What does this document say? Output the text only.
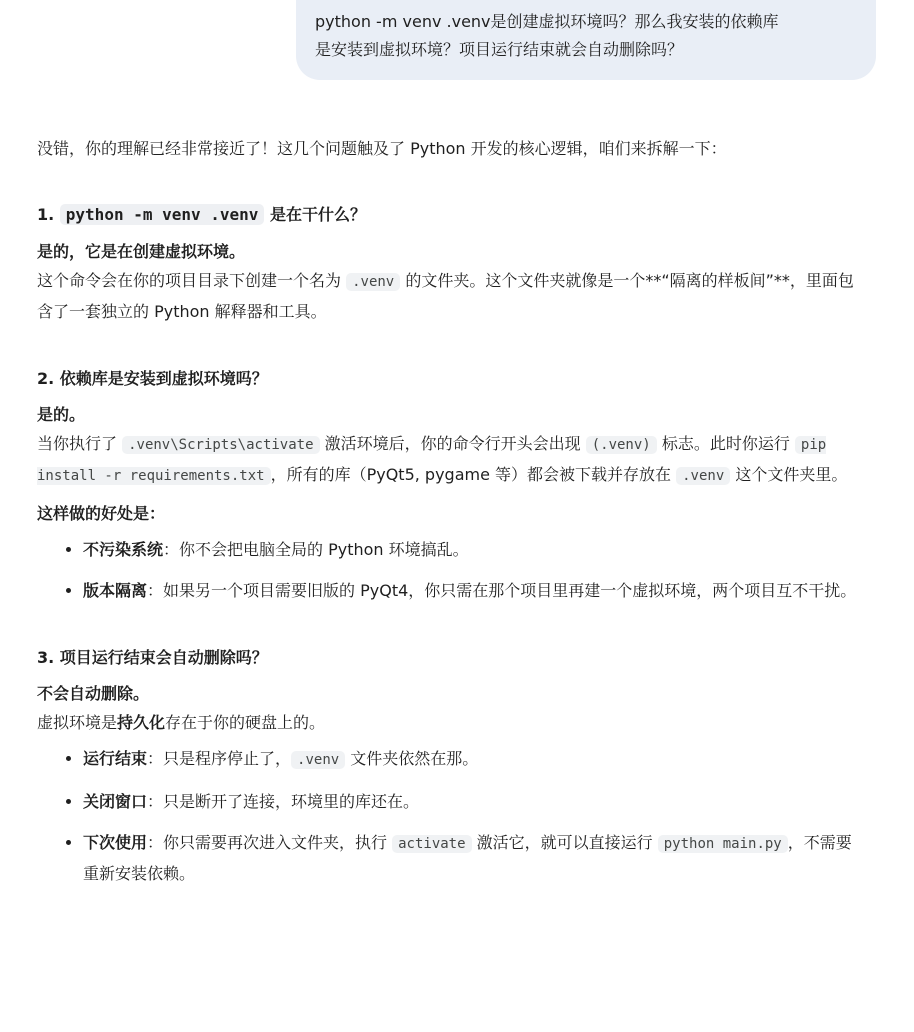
python -m venv .venv是创建虚拟环境吗？那么我安装的依赖库
是安装到虚拟环境？项目运行结束就会自动删除吗？

没错，你的理解已经非常接近了！这几个问题触及了 Python 开发的核心逻辑，咱们来拆解一下：

1. python -m venv .venv 是在干什么？

是的，它是在创建虚拟环境。

这个命令会在你的项目目录下创建一个名为 .venv 的文件夹。这个文件夹就像是一个**“隔离的样板间”**，里面包含了一套独立的 Python 解释器和工具。

2. 依赖库是安装到虚拟环境吗？

是的。

当你执行了 .venv\Scripts\activate 激活环境后，你的命令行开头会出现 (.venv) 标志。此时你运行 pip install -r requirements.txt ，所有的库（PyQt5, pygame 等）都会被下载并存放在 .venv 这个文件夹里。

这样做的好处是：

• 不污染系统：你不会把电脑全局的 Python 环境搞乱。
• 版本隔离：如果另一个项目需要旧版的 PyQt4，你只需在那个项目里再建一个虚拟环境，两个项目互不干扰。
3. 项目运行结束会自动删除吗？

不会自动删除。

虚拟环境是持久化存在于你的硬盘上的。

• 运行结束：只是程序停止了， .venv 文件夹依然在那。
• 关闭窗口：只是断开了连接，环境里的库还在。
• 下次使用：你只需要再次进入文件夹，执行 activate 激活它，就可以直接运行 python main.py ，不需要重新安装依赖。
